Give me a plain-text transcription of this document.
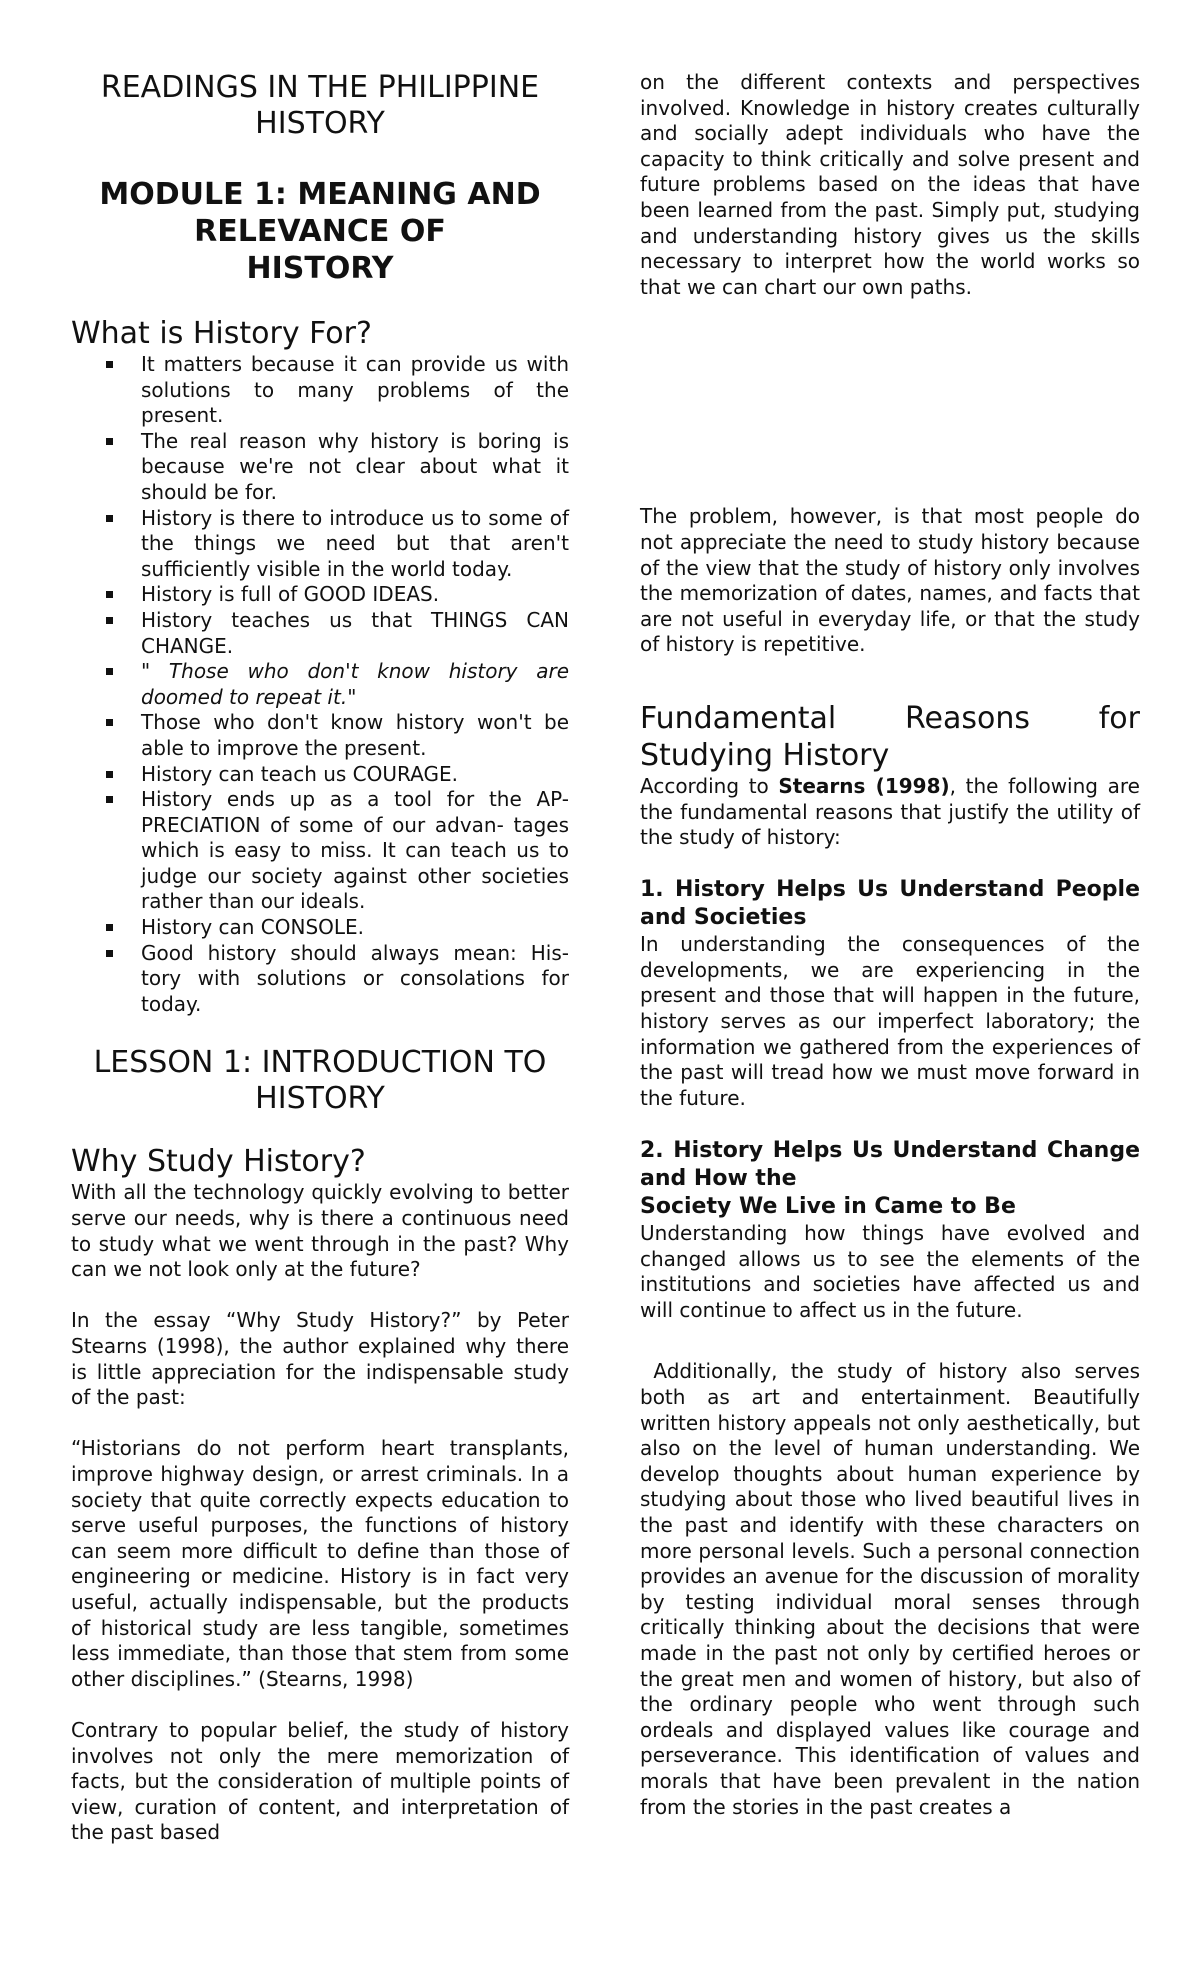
READINGS IN THE PHILIPPINE
HISTORY
MODULE 1: MEANING AND
RELEVANCE OF
HISTORY
What is History For?
It matters because it can provide us with solutions to many problems of the present.
The real reason why history is boring is because we're not clear about what it should be for.
History is there to introduce us to some of the things we need but that aren't sufficiently visible in the world today.
History is full of GOOD IDEAS.
History teaches us that THINGS CAN CHANGE.
" Those who don't know history are doomed to repeat it."
Those who don't know history won't be able to improve the present.
History can teach us COURAGE.
History ends up as a tool for the AP- PRECIATION of some of our advan- tages which is easy to miss. It can teach us to judge our society against other societies rather than our ideals.
History can CONSOLE.
Good history should always mean: His- tory with solutions or consolations for today.
LESSON 1: INTRODUCTION TO
HISTORY
Why Study History?

With all the technology quickly evolving to better serve our needs, why is there a continuous need to study what we went through in the past? Why can we not look only at the future?

In the essay “Why Study History?” by Peter Stearns (1998), the author explained why there is little appreciation for the indispensable study of the past:

“Historians do not perform heart transplants, improve highway design, or arrest criminals. In a society that quite correctly expects education to serve useful purposes, the functions of history can seem more difficult to define than those of engineering or medicine. History is in fact very useful, actually indispensable, but the products of historical study are less tangible, sometimes less immediate, than those that stem from some other disciplines.” (Stearns, 1998)

Contrary to popular belief, the study of history involves not only the mere memorization of facts, but the consideration of multiple points of view, curation of content, and interpretation of the past based

on the different contexts and perspectives involved. Knowledge in history creates culturally and socially adept individuals who have the capacity to think critically and solve present and future problems based on the ideas that have been learned from the past. Simply put, studying and understanding history gives us the skills necessary to interpret how the world works so that we can chart our own paths.

The problem, however, is that most people do not appreciate the need to study history because of the view that the study of history only involves the memorization of dates, names, and facts that are not useful in everyday life, or that the study of history is repetitive.

Fundamental Reasons for
Studying History

According to Stearns (1998), the following are the fundamental reasons that justify the utility of the study of history:

1. History Helps Us Understand People and Societies

In understanding the consequences of the developments, we are experiencing in the present and those that will happen in the future, history serves as our imperfect laboratory; the information we gathered from the experiences of the past will tread how we must move forward in the future.

2. History Helps Us Understand Change and How the

Society We Live in Came to Be

Understanding how things have evolved and changed allows us to see the elements of the institutions and societies have affected us and will continue to affect us in the future.

Additionally, the study of history also serves both as art and entertainment. Beautifully written history appeals not only aesthetically, but also on the level of human understanding. We develop thoughts about human experience by studying about those who lived beautiful lives in the past and identify with these characters on more personal levels. Such a personal connection provides an avenue for the discussion of morality by testing individual moral senses through critically thinking about the decisions that were made in the past not only by certified heroes or the great men and women of history, but also of the ordinary people who went through such ordeals and displayed values like courage and perseverance. This identification of values and morals that have been prevalent in the nation from the stories in the past creates a
